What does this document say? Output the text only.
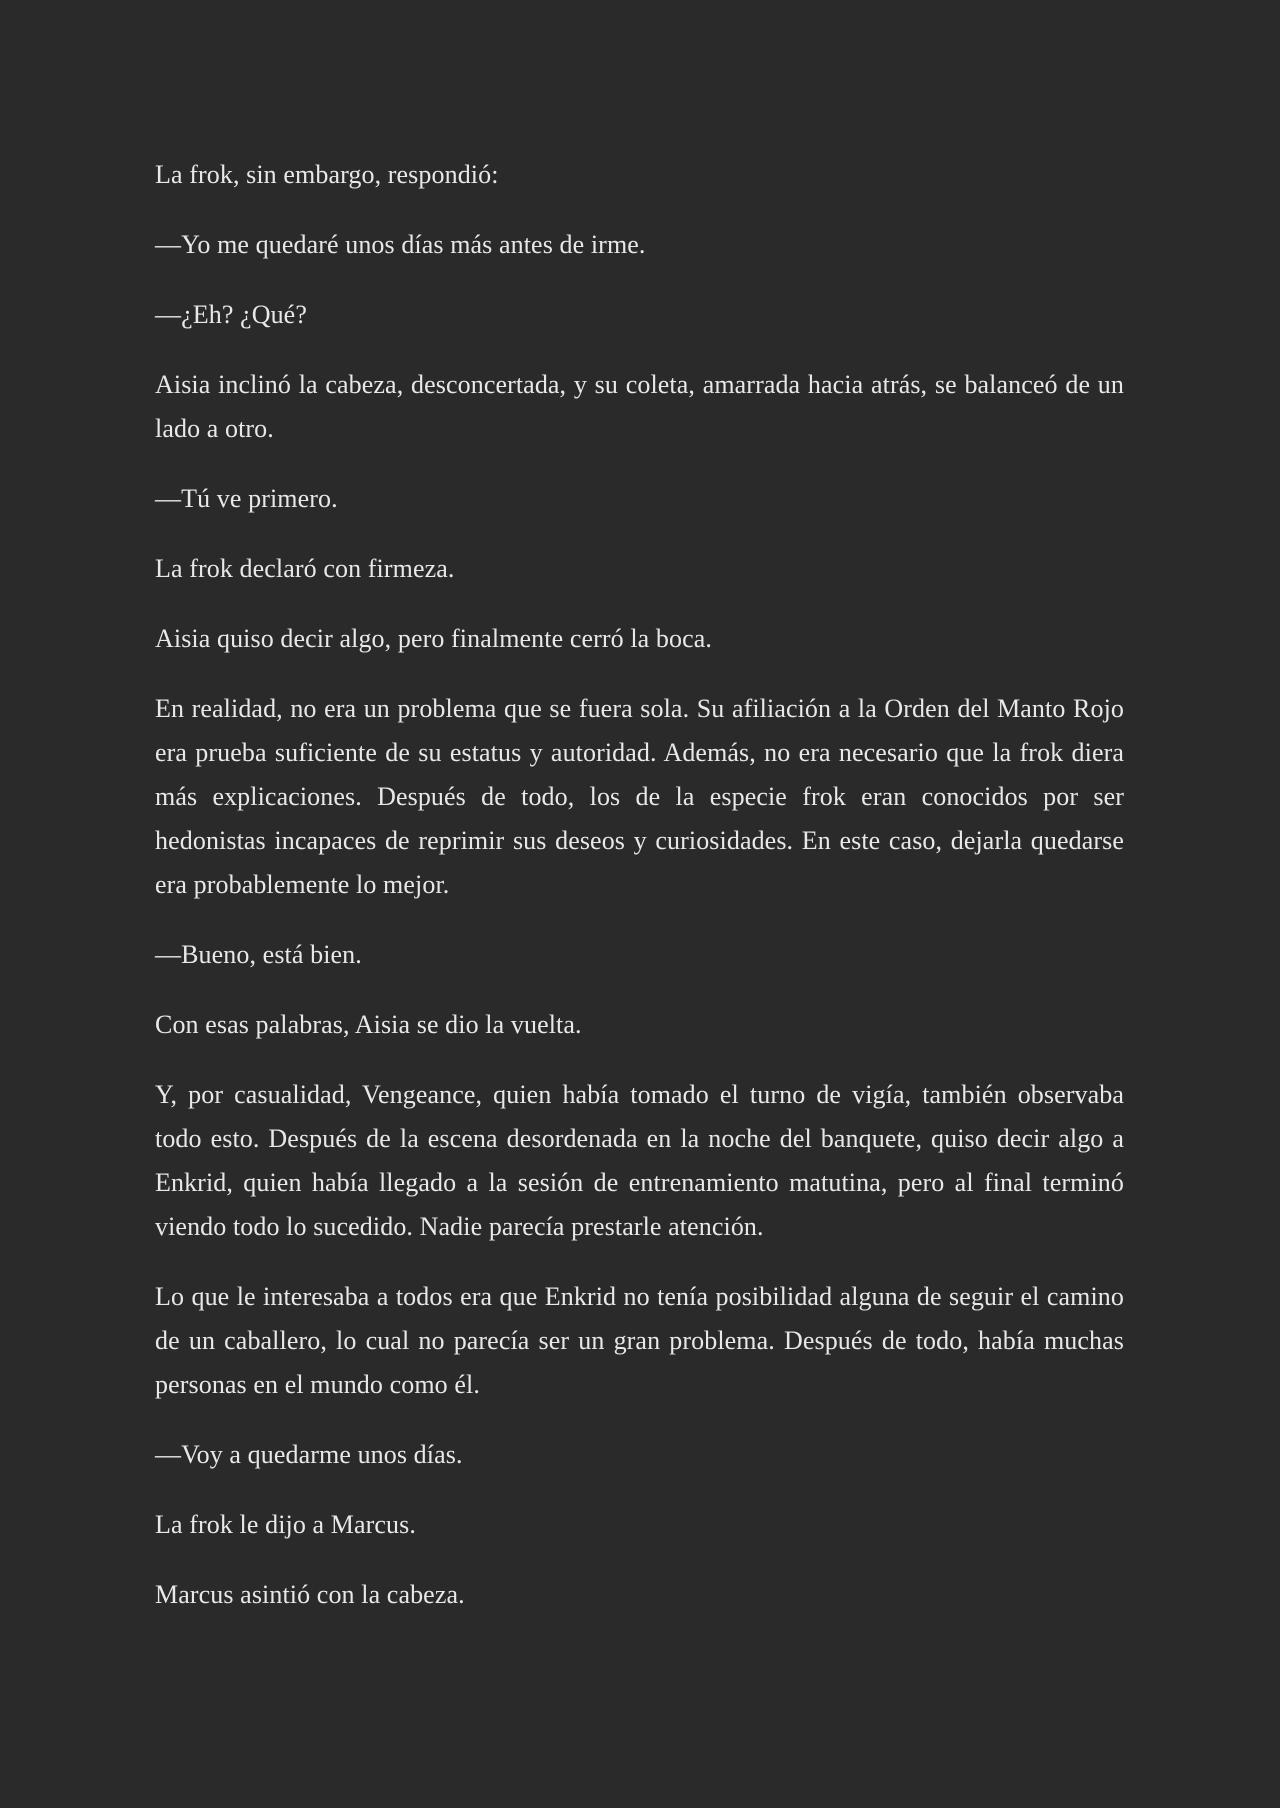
La frok, sin embargo, respondió:

—Yo me quedaré unos días más antes de irme.

—¿Eh? ¿Qué?

Aisia inclinó la cabeza, desconcertada, y su coleta, amarrada hacia atrás, se balanceó de un lado a otro.

—Tú ve primero.

La frok declaró con firmeza.

Aisia quiso decir algo, pero finalmente cerró la boca.

En realidad, no era un problema que se fuera sola. Su afiliación a la Orden del Manto Rojo era prueba suficiente de su estatus y autoridad. Además, no era necesario que la frok diera más explicaciones. Después de todo, los de la especie frok eran conocidos por ser hedonistas incapaces de reprimir sus deseos y curiosidades. En este caso, dejarla quedarse era probablemente lo mejor.

—Bueno, está bien.

Con esas palabras, Aisia se dio la vuelta.

Y, por casualidad, Vengeance, quien había tomado el turno de vigía, también observaba todo esto. Después de la escena desordenada en la noche del banquete, quiso decir algo a Enkrid, quien había llegado a la sesión de entrenamiento matutina, pero al final terminó viendo todo lo sucedido. Nadie parecía prestarle atención.

Lo que le interesaba a todos era que Enkrid no tenía posibilidad alguna de seguir el camino de un caballero, lo cual no parecía ser un gran problema. Después de todo, había muchas personas en el mundo como él.

—Voy a quedarme unos días.

La frok le dijo a Marcus.

Marcus asintió con la cabeza.
